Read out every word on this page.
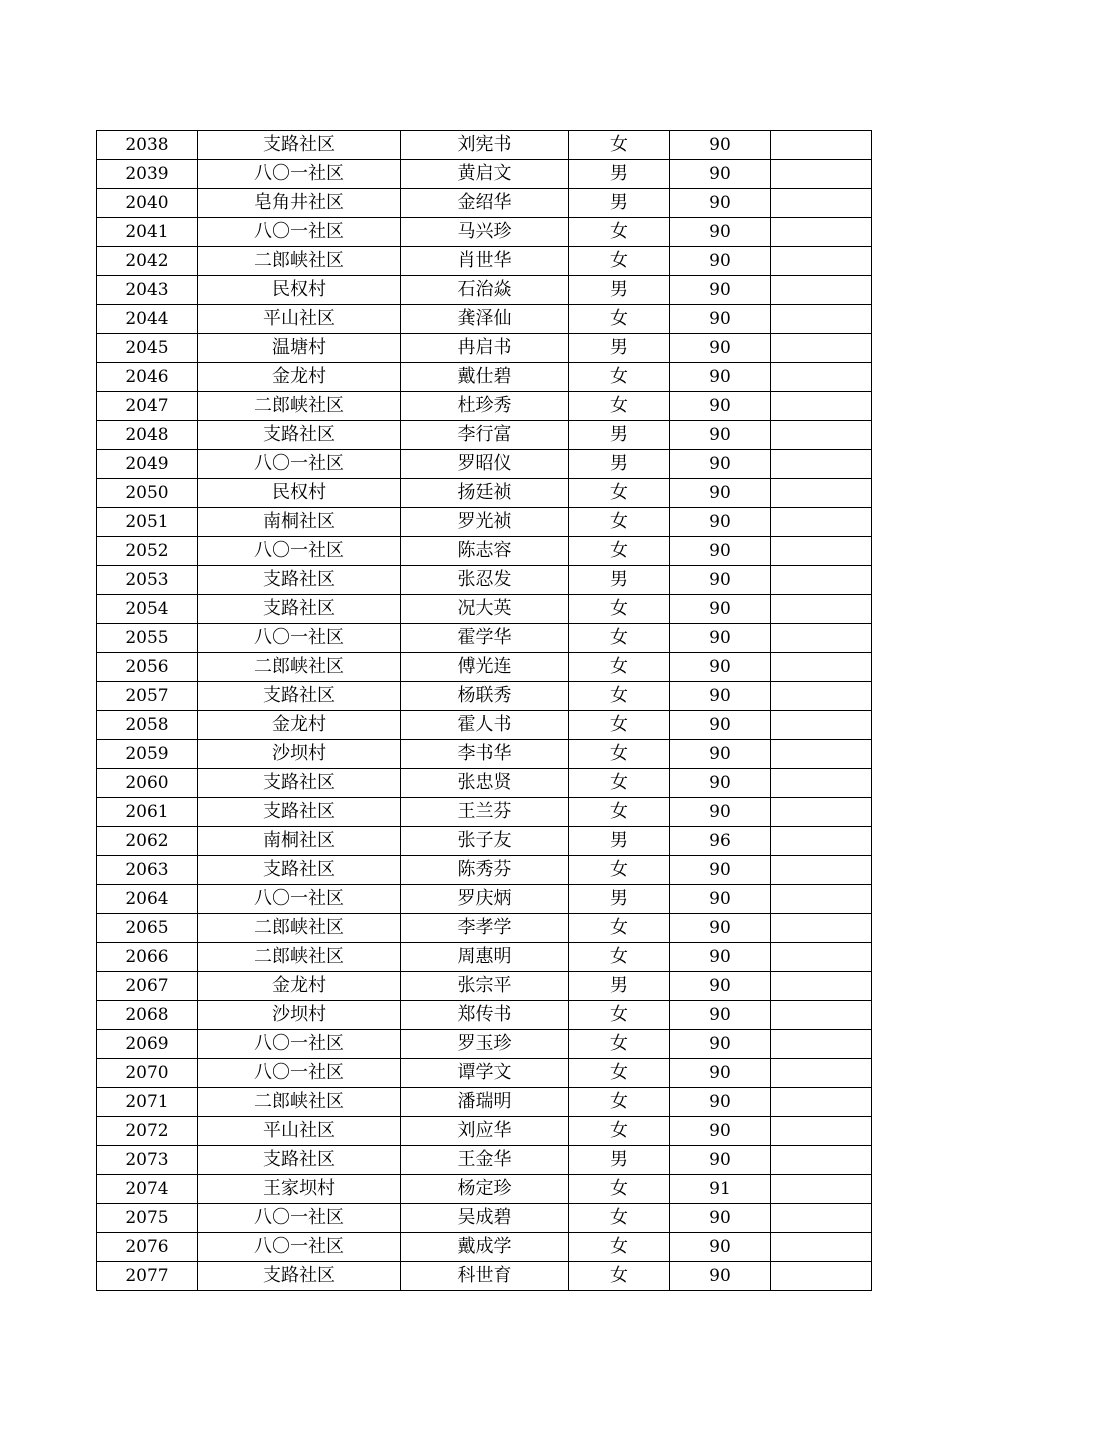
2038	支路社区	刘宪书	女	90	
2039	八〇一社区	黄启文	男	90	
2040	皂角井社区	金绍华	男	90	
2041	八〇一社区	马兴珍	女	90	
2042	二郎峡社区	肖世华	女	90	
2043	民权村	石治焱	男	90	
2044	平山社区	龚泽仙	女	90	
2045	温塘村	冉启书	男	90	
2046	金龙村	戴仕碧	女	90	
2047	二郎峡社区	杜珍秀	女	90	
2048	支路社区	李行富	男	90	
2049	八〇一社区	罗昭仪	男	90	
2050	民权村	扬廷祯	女	90	
2051	南桐社区	罗光祯	女	90	
2052	八〇一社区	陈志容	女	90	
2053	支路社区	张忍发	男	90	
2054	支路社区	况大英	女	90	
2055	八〇一社区	霍学华	女	90	
2056	二郎峡社区	傅光连	女	90	
2057	支路社区	杨联秀	女	90	
2058	金龙村	霍人书	女	90	
2059	沙坝村	李书华	女	90	
2060	支路社区	张忠贤	女	90	
2061	支路社区	王兰芬	女	90	
2062	南桐社区	张子友	男	96	
2063	支路社区	陈秀芬	女	90	
2064	八〇一社区	罗庆炳	男	90	
2065	二郎峡社区	李孝学	女	90	
2066	二郎峡社区	周惠明	女	90	
2067	金龙村	张宗平	男	90	
2068	沙坝村	郑传书	女	90	
2069	八〇一社区	罗玉珍	女	90	
2070	八〇一社区	谭学文	女	90	
2071	二郎峡社区	潘瑞明	女	90	
2072	平山社区	刘应华	女	90	
2073	支路社区	王金华	男	90	
2074	王家坝村	杨定珍	女	91	
2075	八〇一社区	吴成碧	女	90	
2076	八〇一社区	戴成学	女	90	
2077	支路社区	科世育	女	90	
